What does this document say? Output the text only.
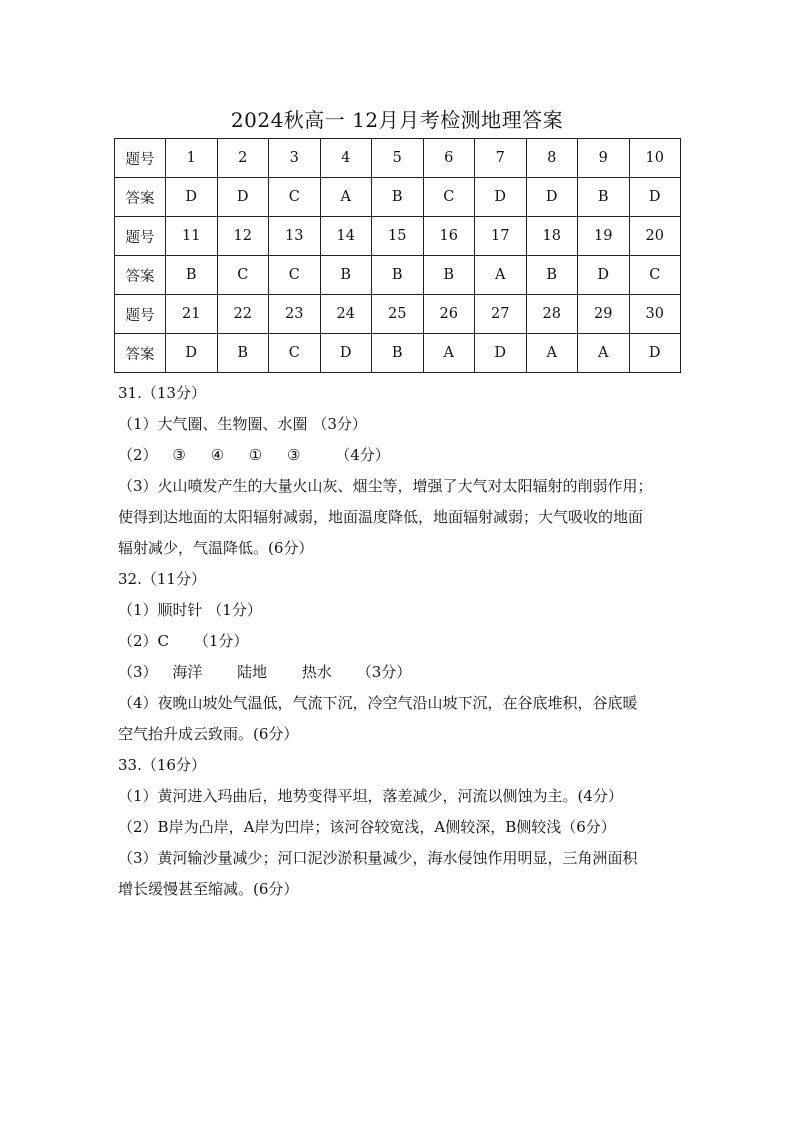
2024秋高一 12月月考检测地理答案
题号	1	2	3	4	5	6	7	8	9	10
答案	D	D	C	A	B	C	D	D	B	D
题号	11	12	13	14	15	16	17	18	19	20
答案	B	C	C	B	B	B	A	B	D	C
题号	21	22	23	24	25	26	27	28	29	30
答案	D	B	C	D	B	A	D	A	A	D
31.（13分）
（1）大气圈、生物圈、水圈 （3分）
（2） ③ ④ ① ③ （4分）
（3）火山喷发产生的大量火山灰、烟尘等，增强了大气对太阳辐射的削弱作用；
使得到达地面的太阳辐射减弱，地面温度降低，地面辐射减弱；大气吸收的地面
辐射减少，气温降低。(6分）
32.（11分）
（1）顺时针 （1分）
（2）C （1分）
（3） 海洋 陆地 热水 （3分）
（4）夜晚山坡处气温低，气流下沉，冷空气沿山坡下沉，在谷底堆积，谷底暖
空气抬升成云致雨。(6分）
33.（16分）
（1）黄河进入玛曲后，地势变得平坦，落差减少，河流以侧蚀为主。(4分）
（2）B岸为凸岸，A岸为凹岸；该河谷较宽浅，A侧较深，B侧较浅（6分）
（3）黄河输沙量减少；河口泥沙淤积量减少，海水侵蚀作用明显，三角洲面积
增长缓慢甚至缩减。(6分）
